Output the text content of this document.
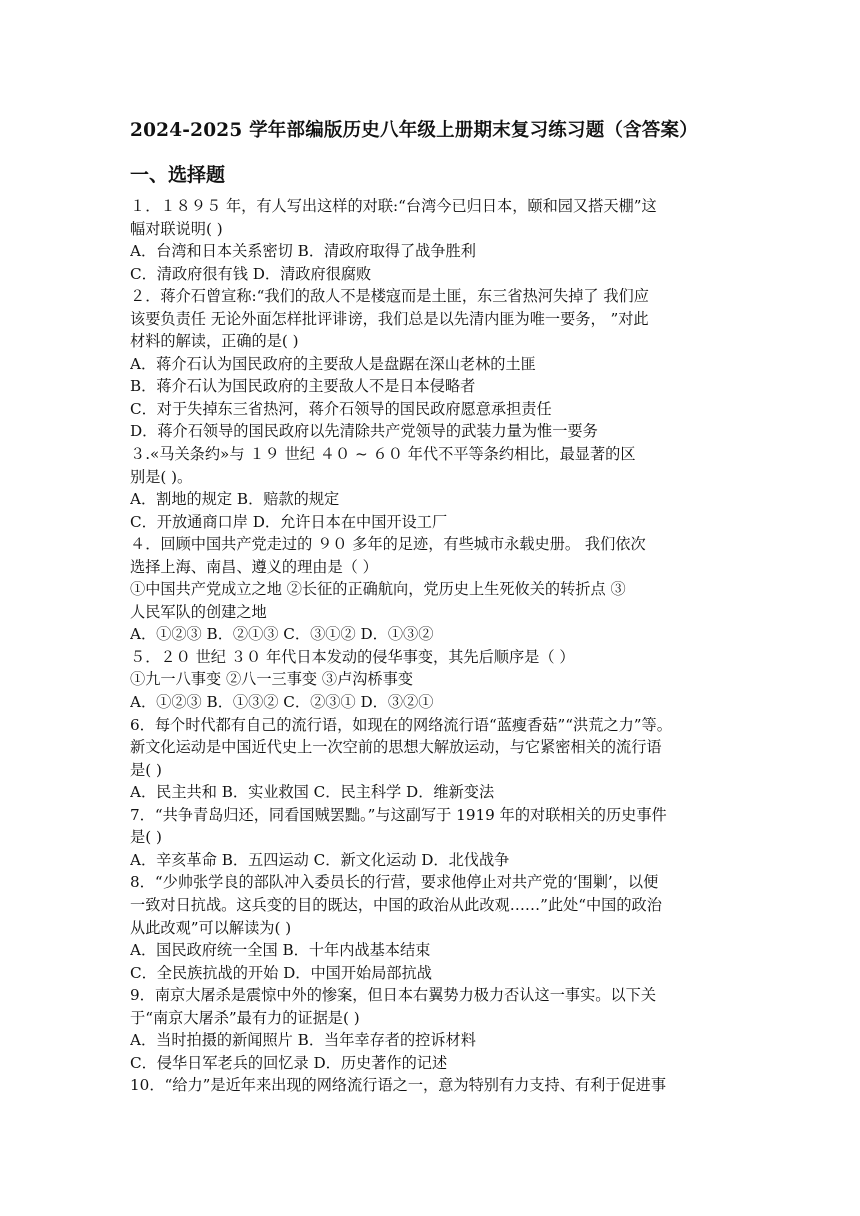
2024-2025 学年部编版历史八年级上册期末复习练习题（含答案）
一、选择题
１．１８９５ 年，有人写出这样的对联:“台湾今已归日本，颐和园又搭天棚”这
幅对联说明( )
A．台湾和日本关系密切 B．清政府取得了战争胜利
C．清政府很有钱 D．清政府很腐败
２．蒋介石曾宣称:“我们的敌人不是楼寇而是土匪，东三省热河失掉了 我们应
该要负责任 无论外面怎样批评诽谤，我们总是以先清内匪为唯一要务， ”对此
材料的解读，正确的是( )
A．蒋介石认为国民政府的主要敌人是盘踞在深山老林的土匪
B．蒋介石认为国民政府的主要敌人不是日本侵略者
C．对于失掉东三省热河，蒋介石领导的国民政府愿意承担责任
D．蒋介石领导的国民政府以先清除共产党领导的武装力量为惟一要务
３.«马关条约»与 １９ 世纪 ４０ ~ ６０ 年代不平等条约相比，最显著的区
别是( )。
A．割地的规定 B．赔款的规定
C．开放通商口岸 D．允许日本在中国开设工厂
４．回顾中国共产党走过的 ９０ 多年的足迹，有些城市永载史册。 我们依次
选择上海、南昌、遵义的理由是（ ）
①中国共产党成立之地 ②长征的正确航向，党历史上生死攸关的转折点 ③
人民军队的创建之地
A．①②③ B．②①③ C．③①② D．①③②
５．２０ 世纪 ３０ 年代日本发动的侵华事变，其先后顺序是（ ）
①九一八事变 ②八一三事变 ③卢沟桥事变
A．①②③ B．①③② C．②③① D．③②①
6．每个时代都有自己的流行语，如现在的网络流行语“蓝瘦香菇”“洪荒之力”等。
新文化运动是中国近代史上一次空前的思想大解放运动，与它紧密相关的流行语
是( )
A．民主共和 B．实业救国 C．民主科学 D．维新变法
7．“共争青岛归还，同看国贼罢黜。”与这副写于 1919 年的对联相关的历史事件
是( )
A．辛亥革命 B．五四运动 C．新文化运动 D．北伐战争
8．“少帅张学良的部队冲入委员长的行营，要求他停止对共产党的‘围剿’，以便
一致对日抗战。这兵变的目的既达，中国的政治从此改观……”此处“中国的政治
从此改观”可以解读为( )
A．国民政府统一全国 B．十年内战基本结束
C．全民族抗战的开始 D．中国开始局部抗战
9．南京大屠杀是震惊中外的惨案，但日本右翼势力极力否认这一事实。以下关
于“南京大屠杀”最有力的证据是( )
A．当时拍摄的新闻照片 B．当年幸存者的控诉材料
C．侵华日军老兵的回忆录 D．历史著作的记述
10．“给力”是近年来出现的网络流行语之一，意为特别有力支持、有利于促进事
